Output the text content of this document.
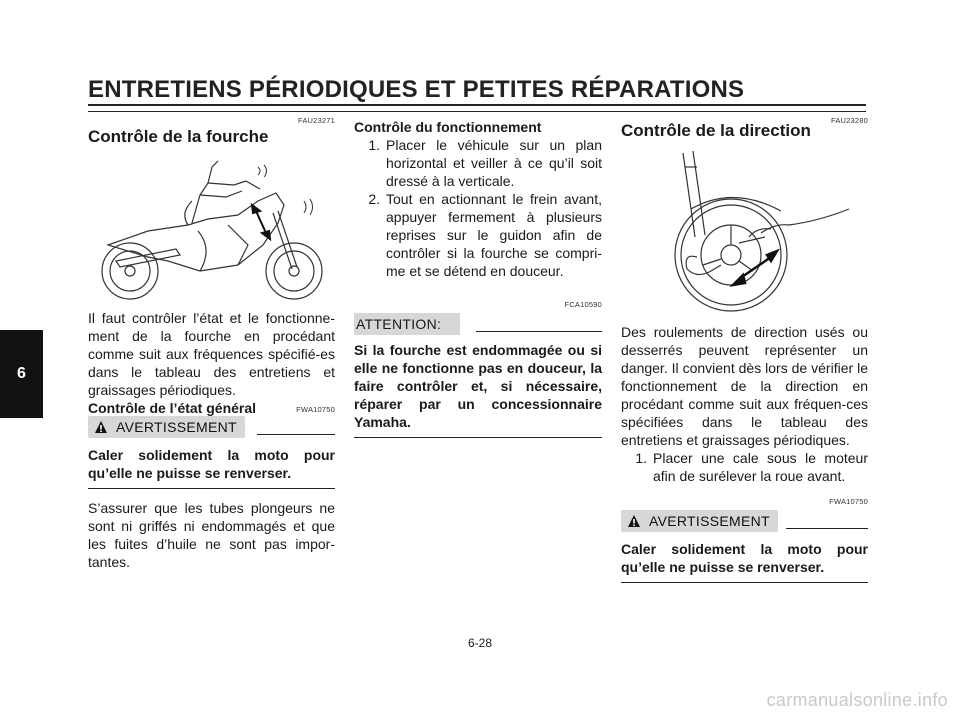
ENTRETIENS PÉRIODIQUES ET PETITES RÉPARATIONS
6
FAU23271
Contrôle de la fourche

Il faut contrôler l’état et le fonctionne-ment de la fourche en procédant comme suit aux fréquences spécifié-es dans le tableau des entretiens et graissages périodiques.

Contrôle de l’état général	FWA10750
AVERTISSEMENT

Caler solidement la moto pour qu’elle ne puisse se renverser.

S’assurer que les tubes plongeurs ne sont ni griffés ni endommagés et que les fuites d’huile ne sont pas impor-tantes.

Contrôle du fonctionnement
1. Placer le véhicule sur un plan horizontal et veiller à ce qu’il soit dressé à la verticale.
2. Tout en actionnant le frein avant, appuyer fermement à plusieurs reprises sur le guidon afin de contrôler si la fourche se compri-me et se détend en douceur.
FCA10590
ATTENTION:

Si la fourche est endommagée ou si elle ne fonctionne pas en douceur, la faire contrôler et, si nécessaire, réparer par un concessionnaire Yamaha.

FAU23280
Contrôle de la direction

Des roulements de direction usés ou desserrés peuvent représenter un danger. Il convient dès lors de vérifier le fonctionnement de la direction en procédant comme suit aux fréquen-ces spécifiées dans le tableau des entretiens et graissages périodiques.

1. Placer une cale sous le moteur afin de surélever la roue avant.
FWA10750
AVERTISSEMENT

Caler solidement la moto pour qu’elle ne puisse se renverser.

6-28
carmanualsonline.info
